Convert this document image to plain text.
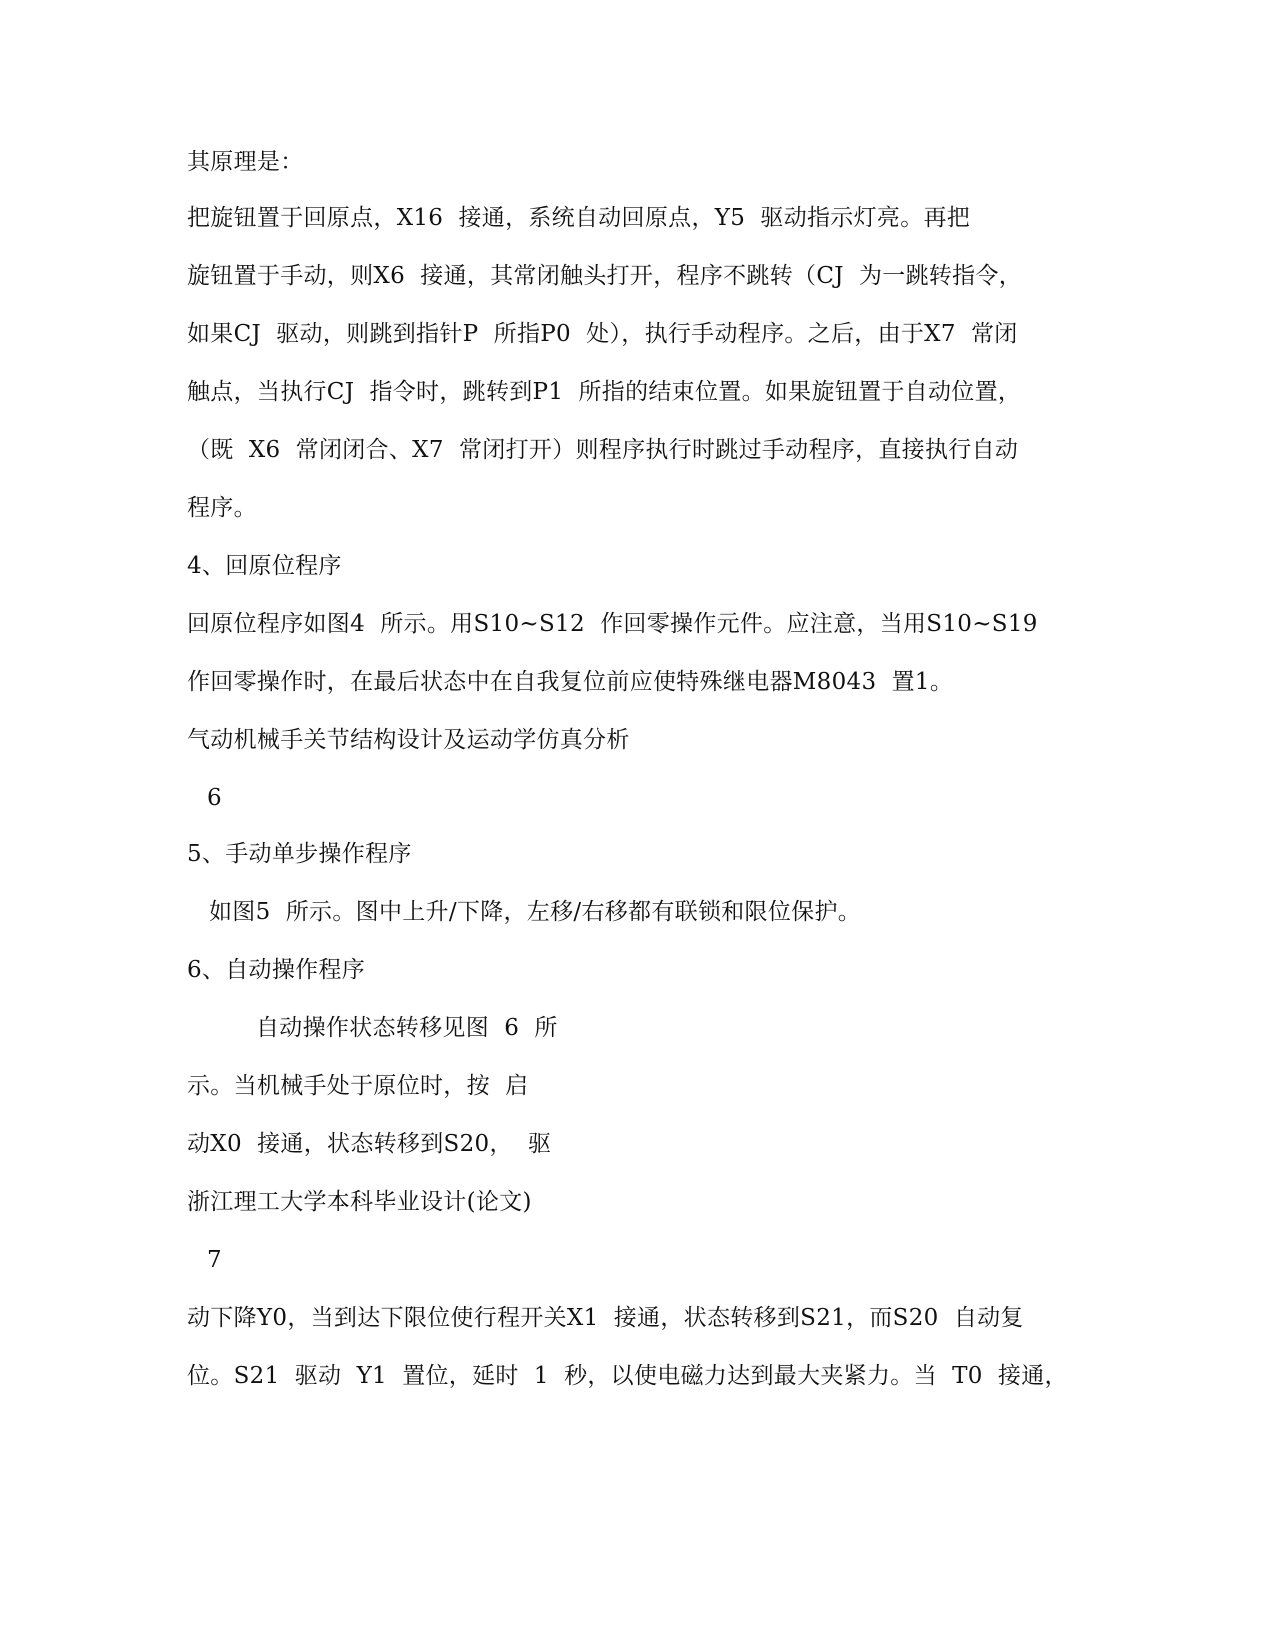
其原理是：
把旋钮置于回原点，X16  接通，系统自动回原点，Y5  驱动指示灯亮。再把
旋钮置于手动，则X6  接通，其常闭触头打开，程序不跳转（CJ  为一跳转指令，
如果CJ  驱动，则跳到指针P  所指P0  处），执行手动程序。之后，由于X7  常闭
触点，当执行CJ  指令时，跳转到P1  所指的结束位置。如果旋钮置于自动位置，
（既  X6  常闭闭合、X7  常闭打开）则程序执行时跳过手动程序，直接执行自动
程序。
4、回原位程序
回原位程序如图4  所示。用S10~S12  作回零操作元件。应注意，当用S10~S19
作回零操作时，在最后状态中在自我复位前应使特殊继电器M8043  置1。
气动机械手关节结构设计及运动学仿真分析
6
5、手动单步操作程序
如图5  所示。图中上升/下降，左移/右移都有联锁和限位保护。
6、自动操作程序
自动操作状态转移见图  6  所
示。当机械手处于原位时，按  启
动X0  接通，状态转移到S20，  驱
浙江理工大学本科毕业设计(论文)
7
动下降Y0，当到达下限位使行程开关X1  接通，状态转移到S21，而S20  自动复
位。S21  驱动  Y1  置位，延时  1  秒，以使电磁力达到最大夹紧力。当  T0  接通，
